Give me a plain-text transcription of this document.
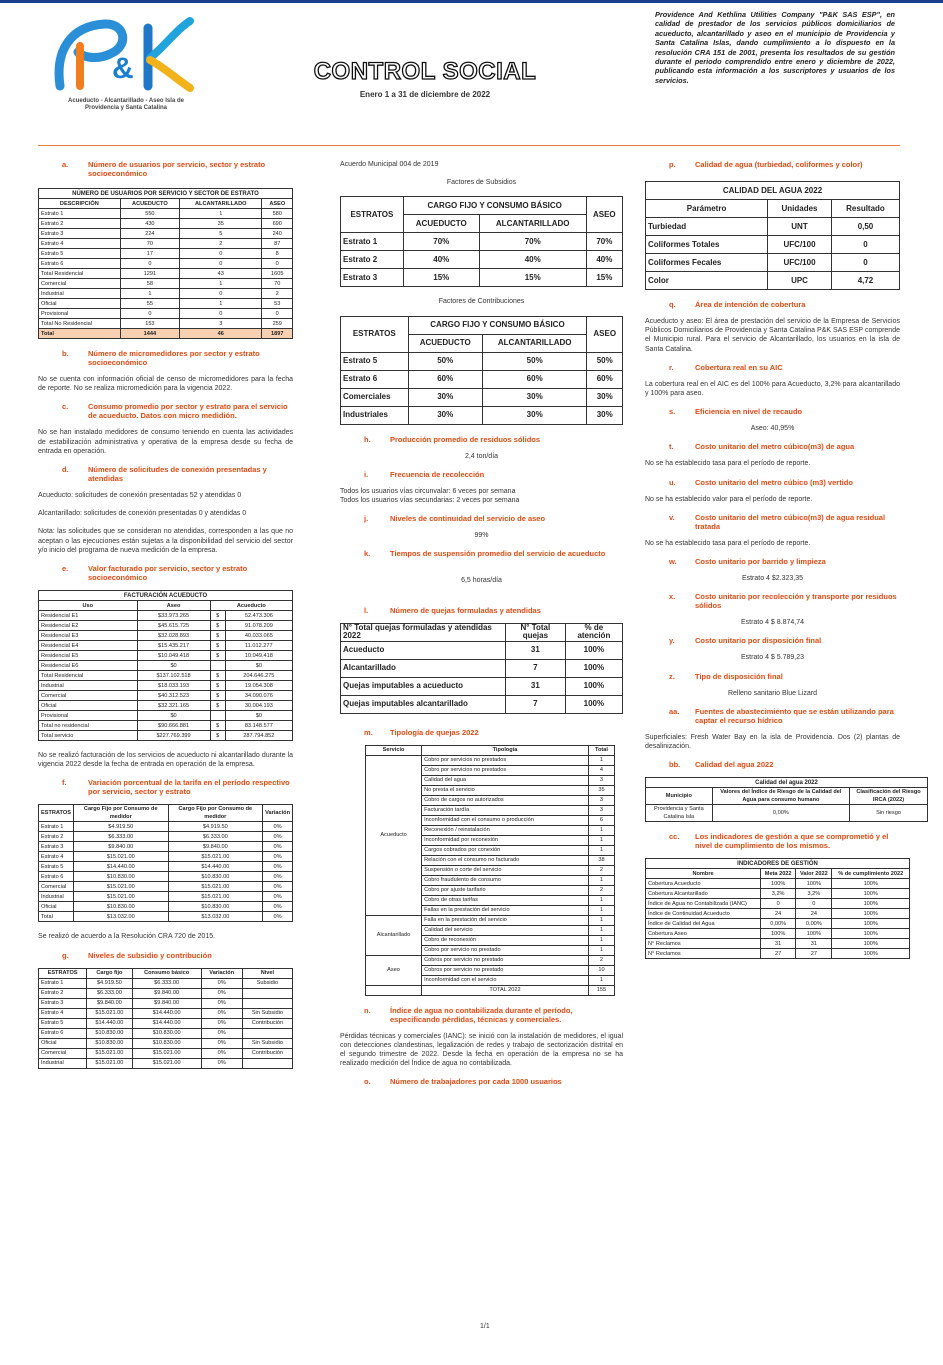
&
Acueducto - Alcantarillado - Aseo Isla de Providencia y Santa Catalina
CONTROL SOCIAL
Enero 1 a 31 de diciembre de 2022
Providence And Kethlina Utilities Company "P&K SAS ESP", en calidad de prestador de los servicios públicos domiciliarios de acueducto, alcantarillado y aseo en el municipio de Providencia y Santa Catalina Islas, dando cumplimiento a lo dispuesto en la resolución CRA 151 de 2001, presenta los resultados de su gestión durante el periodo comprendido entre enero y diciembre de 2022, publicando esta información a los suscriptores y usuarios de los servicios.
a.	Número de usuarios por servicio, sector y estrato socioeconómico
NÚMERO DE USUARIOS POR SERVICIO Y SECTOR DE ESTRATO			
DESCRIPCIÓN	ACUEDUCTO	ALCANTARILLADO	ASEO
Estrato 1	550	1	580
Estrato 2	430	35	690
Estrato 3	224	5	240
Estrato 4	70	2	87
Estrato 5	17	0	8
Estrato 6	0	0	0
Total Residencial	1291	43	1605
Comercial	58	1	70
Industrial	1	0	2
Oficial	55	1	53
Provisional	0	0	0
Total No Residencial	153	3	259
Total	1444	46	1897
b.	Número de micromedidores por sector y estrato socioeconómico
No se cuenta con información oficial de censo de micromedidores para la fecha de reporte. No se realiza micromedición para la vigencia 2022.
c.	Consumo promedio por sector y estrato para el servicio de acueducto. Datos con micro medidión.
No se han instalado medidores de consumo teniendo en cuenta las actividades de estabilización administrativa y operativa de la empresa desde su fecha de entrada en operación.
d.	Número de solicitudes de conexión presentadas y atendidas
Acueducto: solicitudes de conexión presentadas 52 y atendidas 0
Alcantarillado: solicitudes de conexión presentadas 0 y atendidas 0
Nota: las solicitudes que se consideran no atendidas, corresponden a las que no aceptan o las ejecuciones están sujetas a la disponibilidad del servicio del sector y/o inicio del programa de nueva medición de la empresa.
e.	Valor facturado por servicio, sector y estrato socioeconómico
FACTURACIÓN ACUEDUCTO			
Uso	Aseo	Acueducto	
Residencial E1	$33.973.265	$	52.473.306
Residencial E2	$45.615.725	$	91.078.209
Residencial E3	$32.028.893	$	40.033.065
Residencial E4	$15.435.217	$	11.012.277
Residencial E5	$10.049.418	$	10.049.418
Residencial E6	$0		$0
Total Residencial	$137.102.518	$	204.646.275
Industrial	$18.033.193	$	19.054.308
Comercial	$40.312.523	$	34.090.076
Oficial	$32.321.165	$	30.004.193
Provisional	$0		$0
Total no residencial	$90.666.881	$	83.148.577
Total servicio	$227.769.399	$	287.794.852
No se realizó facturación de los servicios de acueducto ni alcantarillado durante la vigencia 2022 desde la fecha de entrada en operación de la empresa.
f.	Variación porcentual de la tarifa en el período respectivo por servicio, sector y estrato
ESTRATOS	Cargo Fijo por Consumo de medidor	Cargo Fijo por Consumo de medidor	Variación
Estrato 1	$4.919.50	$4.919.50	0%
Estrato 2	$6.333.00	$6.333.00	0%
Estrato 3	$9.840.00	$9.840.00	0%
Estrato 4	$15.021.00	$15.021.00	0%
Estrato 5	$14.440.00	$14.440.00	0%
Estrato 6	$10.830.00	$10.830.00	0%
Comercial	$15.021.00	$15.021.00	0%
Industrial	$15.021.00	$15.021.00	0%
Oficial	$10.830.00	$10.830.00	0%
Total	$13.032.00	$13.032.00	0%
Se realizó de acuerdo a la Resolución CRA 720 de 2015.
g.	Niveles de subsidio y contribución
ESTRATOS	Cargo fijo	Consumo básico	Variación	Nivel
Estrato 1	$4.919.50	$6.333.00	0%	Subsidio
Estrato 2	$6.333.00	$9.840.00	0%	
Estrato 3	$9.840.00	$9.840.00	0%	
Estrato 4	$15.021.00	$14.440.00	0%	Sin Subsidio
Estrato 5	$14.440.00	$14.440.00	0%	Contribución
Estrato 6	$10.830.00	$10.830.00	0%	
Oficial	$10.830.00	$10.830.00	0%	Sin Subsidio
Comercial	$15.021.00	$15.021.00	0%	Contribución
Industrial	$15.021.00	$15.021.00	0%	
Acuerdo Municipal 004 de 2019
Factores de Subsidios
ESTRATOS	CARGO FIJO Y CONSUMO BÁSICO		ASEO
	ACUEDUCTO	ALCANTARILLADO	
Estrato 1	70%	70%	70%
Estrato 2	40%	40%	40%
Estrato 3	15%	15%	15%
Factores de Contribuciones
ESTRATOS	CARGO FIJO Y CONSUMO BÁSICO		ASEO
	ACUEDUCTO	ALCANTARILLADO	
Estrato 5	50%	50%	50%
Estrato 6	60%	60%	60%
Comerciales	30%	30%	30%
Industriales	30%	30%	30%
h.	Producción promedio de residuos sólidos
2,4 ton/día
i.	Frecuencia de recolección
Todos los usuarios vías circunvalar: 6 veces por semana
Todos los usuarios vías secundarias: 2 veces por semana
j.	Niveles de continuidad del servicio de aseo
99%
k.	Tiempos de suspensión promedio del servicio de acueducto
6,5 horas/día
l.	Número de quejas formuladas y atendidas
N° Total quejas formuladas y atendidas 2022	N° Total quejas	% de atención
Acueducto	31	100%
Alcantarillado	7	100%
Quejas imputables a acueducto	31	100%
Quejas imputables alcantarillado	7	100%
m.	Tipología de quejas 2022
Servicio	Tipología	Total
Acueducto	Cobro por servicios no prestados	1
	Cobro por servicios no prestados	4
	Calidad del agua	3
	No presta el servicio	35
	Cobro de cargos no autorizados	3
	Facturación tardía	3
	Inconformidad con el consumo o producción	6
	Reconexión / reinstalación	1
	Inconformidad por reconexión	1
	Cargos cobrados por conexión	1
	Relación con el consumo no facturado	38
	Suspensión o corte del servicio	2
	Cobro fraudulento de consumo	1
	Cobro por ajuste tarifario	2
	Cobro de otras tarifas	1
	Fallas en la prestación del servicio	1
Alcantarillado	Falla en la prestación del servicio	1
	Calidad del servicio	1
	Cobro de reconexión	1
	Cobro por servicio no prestado	1
Aseo	Cobros por servicio no prestado	2
	Cobros por servicio no prestado	10
	Inconformidad con el servicio	1
	TOTAL 2022	155
n.	Índice de agua no contabilizada durante el período, especificando pérdidas, técnicas y comerciales.
Pérdidas técnicas y comerciales (IANC): se inició con la instalación de medidores, el igual con detecciones clandestinas, legalización de redes y trabajo de sectorización distrital en el segundo trimestre de 2022. Desde la fecha en operación de la empresa no se ha realizado medición del Índice de agua no contabilizada.
o.	Número de trabajadores por cada 1000 usuarios
p.	Calidad de agua (turbiedad, coliformes y color)
CALIDAD DEL AGUA 2022		
Parámetro	Unidades	Resultado
Turbiedad	UNT	0,50
Coliformes Totales	UFC/100	0
Coliformes Fecales	UFC/100	0
Color	UPC	4,72
q.	Área de intención de cobertura
Acueducto y aseo: El área de prestación del servicio de la Empresa de Servicios Públicos Domiciliarios de Providencia y Santa Catalina P&K SAS ESP comprende el Municipio rural. Para el servicio de Alcantarillado, los usuarios en la isla de Santa Catalina.
r.	Cobertura real en su AIC
La cobertura real en el AIC es del 100% para Acueducto, 3,2% para alcantarillado y 100% para aseo.
s.	Eficiencia en nivel de recaudo
Aseo: 40,95%
t.	Costo unitario del metro cúbico(m3) de agua
No se ha establecido tasa para el período de reporte.
u.	Costo unitario del metro cúbico (m3) vertido
No se ha establecido valor para el período de reporte.
v.	Costo unitario del metro cúbico(m3) de agua residual tratada
No se ha establecido tasa para el período de reporte.
w.	Costo unitario por barrido y limpieza
Estrato 4 $2.323,35
x.	Costo unitario por recolección y transporte por residuos sólidos
Estrato 4 $ 8.874,74
y.	Costo unitario por disposición final
Estrato 4 $ 5.789,23
z.	Tipo de disposición final
Relleno sanitario Blue Lizard
aa.	Fuentes de abastecimiento que se están utilizando para captar el recurso hídrico
Superficiales: Fresh Water Bay en la isla de Providencia. Dos (2) plantas de desalinización.
bb.	Calidad del agua 2022
Calidad del agua 2022		
Municipio	Valores del Índice de Riesgo de la Calidad del Agua para consumo humano	Clasificación del Riesgo IRCA (2022)
Providencia y Santa Catalina Isla	0,00%	Sin riesgo
cc.	Los indicadores de gestión a que se comprometió y el nivel de cumplimiento de los mismos.
INDICADORES DE GESTIÓN			
Nombre	Meta 2022	Valor 2022	% de cumplimiento 2022
Cobertura Acueducto	100%	100%	100%
Cobertura Alcantarillado	3,2%	3,2%	100%
Índice de Agua no Contabilizada (IANC)	0	0	100%
Índice de Continuidad Acueducto	24	24	100%
Índice de Calidad del Agua	0,00%	0,00%	100%
Cobertura Aseo	100%	100%	100%
N° Reclamos	31	31	100%
N° Reclamos	27	27	100%
1/1
